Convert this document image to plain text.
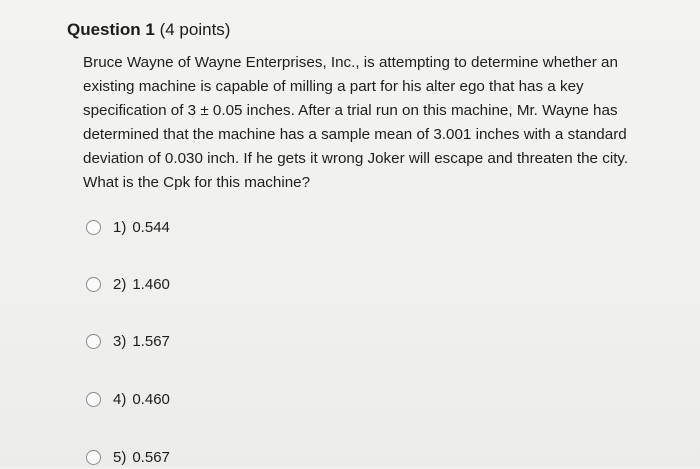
Question 1 (4 points)
Bruce Wayne of Wayne Enterprises, Inc., is attempting to determine whether an
existing machine is capable of milling a part for his alter ego that has a key
specification of 3 ± 0.05 inches. After a trial run on this machine, Mr. Wayne has
determined that the machine has a sample mean of 3.001 inches with a standard
deviation of 0.030 inch. If he gets it wrong Joker will escape and threaten the city.
What is the Cpk for this machine?
1) 0.544
2) 1.460
3) 1.567
4) 0.460
5) 0.567
